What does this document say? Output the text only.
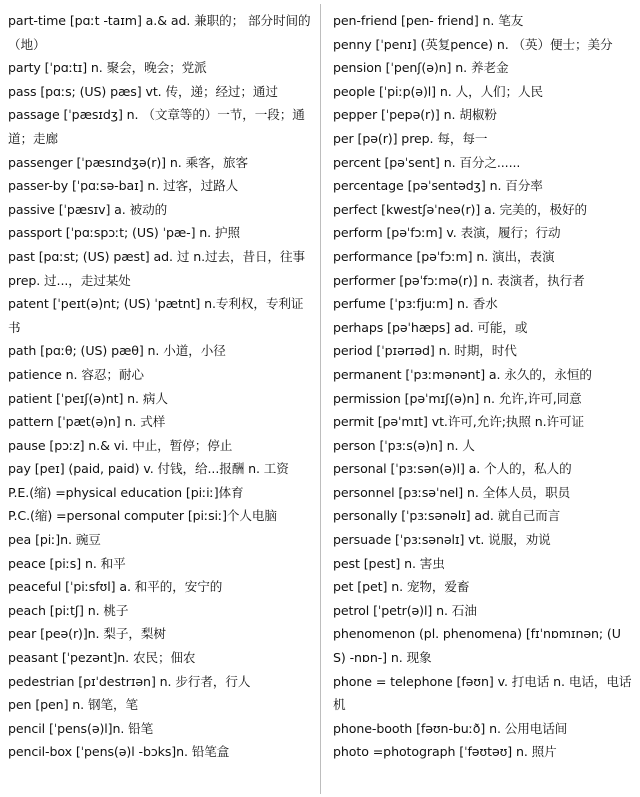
part-time [pɑːt -taɪm] a.& ad. 兼职的； 部分时间的（地）
party [ˈpɑːtɪ] n. 聚会，晚会；党派
pass [pɑːs; (US) pæs] vt. 传，递；经过；通过
passage [ˈpæsɪdʒ] n. （文章等的）一节，一段；通道；走廊
passenger [ˈpæsɪndʒə(r)] n. 乘客，旅客
passer-by [ˈpɑːsə-baɪ] n. 过客，过路人
passive [ˈpæsɪv] a. 被动的
passport [ˈpɑːspɔːt; (US) ˈpæ-] n. 护照
past [pɑːst; (US) pæst] ad. 过 n.过去，昔日，往事 prep. 过...，走过某处
patent [ˈpeɪt(ə)nt; (US) ˈpætnt] n.专利权，专利证书
path [pɑːθ; (US) pæθ] n. 小道，小径
patience n. 容忍；耐心
patient [ˈpeɪʃ(ə)nt] n. 病人
pattern [ˈpæt(ə)n] n. 式样
pause [pɔːz] n.& vi. 中止，暂停；停止
pay [peɪ] (paid, paid) v. 付钱，给...报酬 n. 工资
P.E.(缩) =physical education [piːiː]体育
P.C.(缩) =personal computer [piːsiː]个人电脑
pea [piː]n. 豌豆
peace [piːs] n. 和平
peaceful [ˈpiːsfʊl] a. 和平的，安宁的
peach [piːtʃ] n. 桃子
pear [peə(r)]n. 梨子，梨树
peasant [ˈpezənt]n. 农民；佃农
pedestrian [pɪˈdestrɪən] n. 步行者，行人
pen [pen] n. 钢笔，笔
pencil [ˈpens(ə)l]n. 铅笔
pencil-box [ˈpens(ə)l -bɔks]n. 铅笔盒
pen-friend [pen- friend] n. 笔友
penny [ˈpenɪ] (英复pence) n. （英）便士；美分
pension [ˈpenʃ(ə)n] n. 养老金
people [ˈpiːp(ə)l] n. 人，人们；人民
pepper [ˈpepə(r)] n. 胡椒粉
per [pə(r)] prep. 每，每一
percent [pəˈsent] n. 百分之......
percentage [pəˈsentədʒ] n. 百分率
perfect [kwestʃəˈneə(r)] a. 完美的，极好的
perform [pəˈfɔːm] v. 表演，履行；行动
performance [pəˈfɔːm] n. 演出，表演
performer [pəˈfɔːmə(r)] n. 表演者，执行者
perfume [ˈpɜːfjuːm] n. 香水
perhaps [pəˈhæps] ad. 可能，或
period [ˈpɪərɪəd] n. 时期，时代
permanent [ˈpɜːmənənt] a. 永久的，永恒的
permission [pəˈmɪʃ(ə)n] n. 允许,许可,同意
permit [pəˈmɪt] vt.许可,允许;执照 n.许可证
person [ˈpɜːs(ə)n] n. 人
personal [ˈpɜːsən(ə)l] a. 个人的，私人的
personnel [pɜːsəˈnel] n. 全体人员，职员
personally [ˈpɜːsənəlɪ] ad. 就自己而言
persuade [ˈpɜːsənəlɪ] vt. 说服，劝说
pest [pest] n. 害虫
pet [pet] n. 宠物，爱畜
petrol [ˈpetr(ə)l] n. 石油
phenomenon (pl. phenomena) [fɪˈnɒmɪnən; (US) -nɒn-] n. 现象
phone = telephone [fəʊn] v. 打电话 n. 电话，电话机
phone-booth [fəʊn-buːð] n. 公用电话间
photo =photograph [ˈfəʊtəʊ] n. 照片
